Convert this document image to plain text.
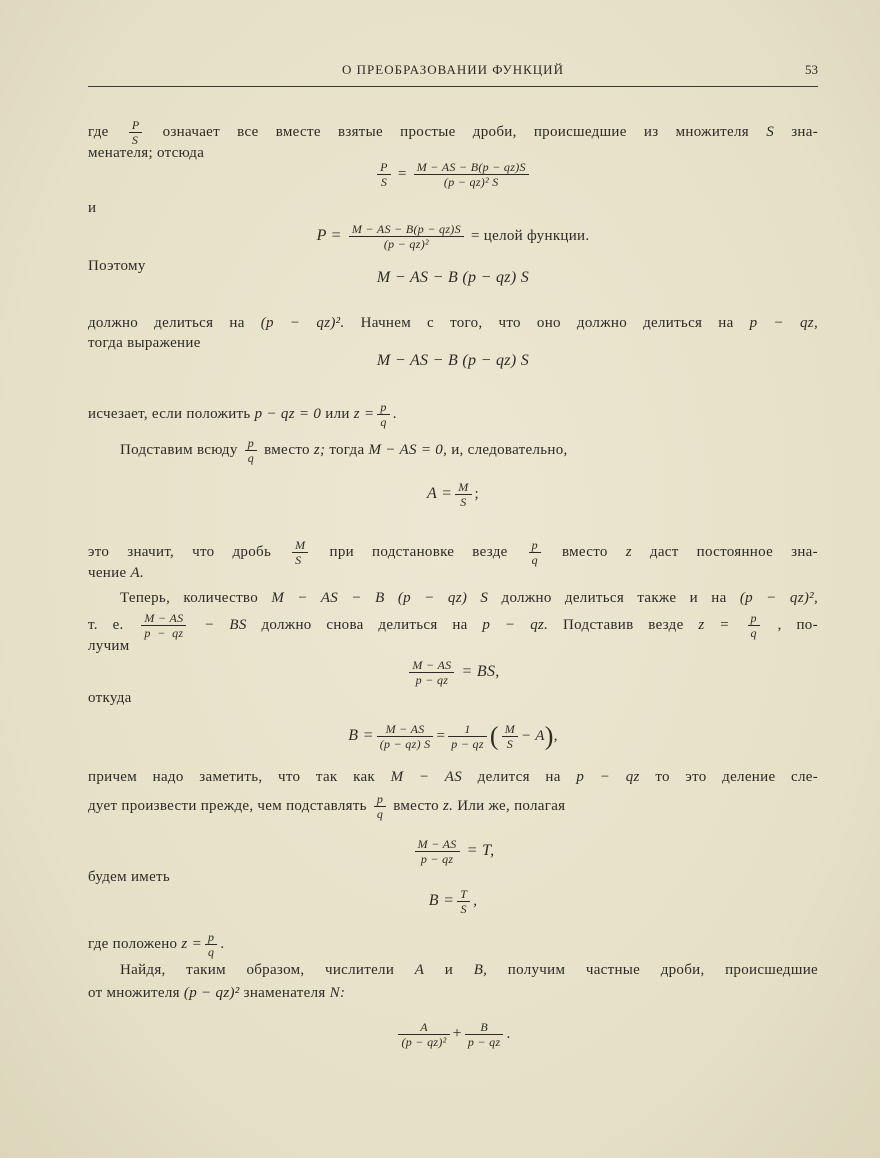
О ПРЕОБРАЗОВАНИИ ФУНКЦИЙ	53
где $\frac{P}{S}$ означает все вместе взятые простые дроби, происшедшие из множителя S зна-
менателя; отсюда
$\frac{P}{S} = \frac{M - AS - B(p - qz)S}{\text{(p − qz)² S}}$
и
$P = \frac{M - AS - B(p - qz)S}{\text{(p − qz)²}}$ = целой функции.
Поэтому
M − AS − B (p − qz) S
должно делиться на (p − qz)². Начнем с того, что оно должно делиться на p − qz,
тогда выражение
M − AS − B (p − qz) S
исчезает, если положить p − qz = 0 или $z = \frac{p}{q}$ .
Подставим всюду $\frac{p}{q}$ вместо z; тогда M − AS = 0, и, следовательно,
$A = \frac{M}{S}$ ;
это значит, что дробь $\frac{M}{S}$ при подстановке везде $\frac{p}{q}$ вместо z даст постоянное зна-
чение A.
Теперь, количество M − AS − B (p − qz) S должно делиться также и на (p − qz)²,
т. е. $\frac{M - AS}{p - qz}$ − BS должно снова делиться на p − qz. Подставив везде $z = \frac{p}{q}$ , по-
лучим
$\frac{M - AS}{p - qz}$ = BS,
откуда
$B = \frac{M - AS}{(p - qz) S} = \frac{1}{p - qz}$ ( $\frac{M}{S} - A$),
причем надо заметить, что так как M − AS делится на p − qz то это деление сле-
дует произвести прежде, чем подставлять $\frac{p}{q}$ вместо z. Или же, полагая
$\frac{M - AS}{p - qz} = T$,
будем иметь
$B = \frac{T}{S}$ ,
где положено $z = \frac{p}{q}$ .
Найдя, таким образом, числители A и B, получим частные дроби, происшедшие
от множителя (p − qz)² знаменателя N:
$\frac{A}{\text{(p − qz)²}} + \frac{B}{p - qz}$ .
